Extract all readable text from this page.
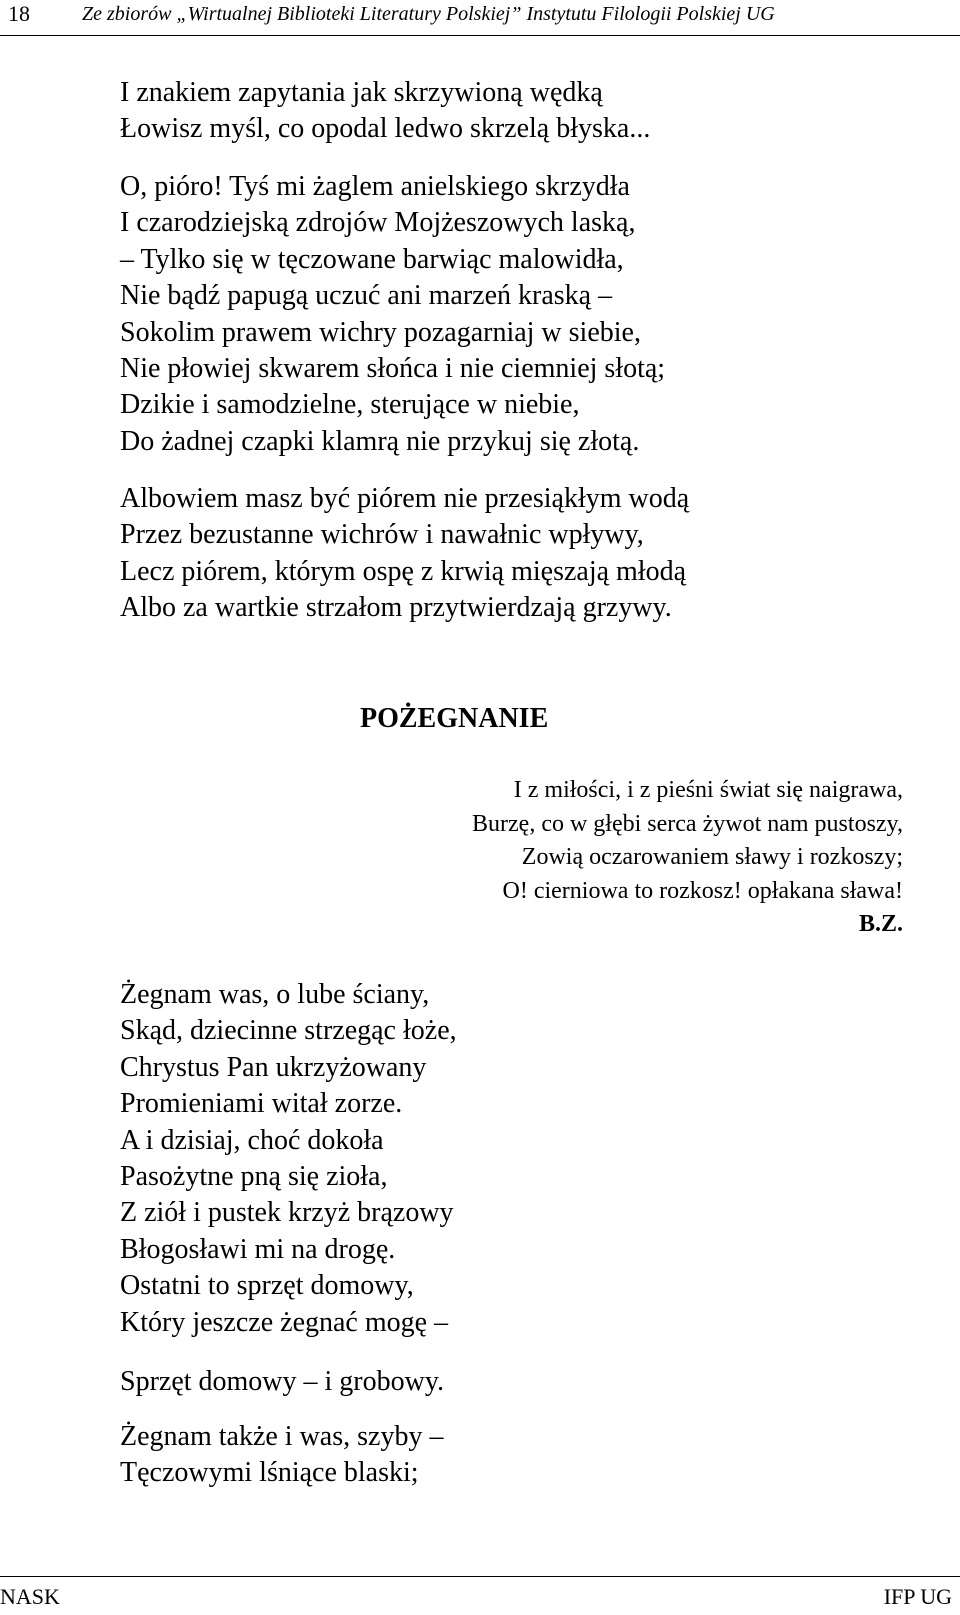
18	Ze zbiorów „Wirtualnej Biblioteki Literatury Polskiej” Instytutu Filologii Polskiej UG
I znakiem zapytania jak skrzywioną wędką
Łowisz myśl, co opodal ledwo skrzelą błyska...
O, pióro! Tyś mi żaglem anielskiego skrzydła
I czarodziejską zdrojów Mojżeszowych laską,
– Tylko się w tęczowane barwiąc malowidła,
Nie bądź papugą uczuć ani marzeń kraską –
Sokolim prawem wichry pozagarniaj w siebie,
Nie płowiej skwarem słońca i nie ciemniej słotą;
Dzikie i samodzielne, sterujące w niebie,
Do żadnej czapki klamrą nie przykuj się złotą.
Albowiem masz być piórem nie przesiąkłym wodą
Przez bezustanne wichrów i nawałnic wpływy,
Lecz piórem, którym ospę z krwią mięszają młodą
Albo za wartkie strzałom przytwierdzają grzywy.
POŻEGNANIE
I z miłości, i z pieśni świat się naigrawa,
Burzę, co w głębi serca żywot nam pustoszy,
Zowią oczarowaniem sławy i rozkoszy;
O! cierniowa to rozkosz! opłakana sława!
B.Z.
Żegnam was, o lube ściany,
Skąd, dziecinne strzegąc łoże,
Chrystus Pan ukrzyżowany
Promieniami witał zorze.
A i dzisiaj, choć dokoła
Pasożytne pną się zioła,
Z ziół i pustek krzyż brązowy
Błogosławi mi na drogę.
Ostatni to sprzęt domowy,
Który jeszcze żegnać mogę –
Sprzęt domowy – i grobowy.
Żegnam także i was, szyby –
Tęczowymi lśniące blaski;
NASK	IFP UG
